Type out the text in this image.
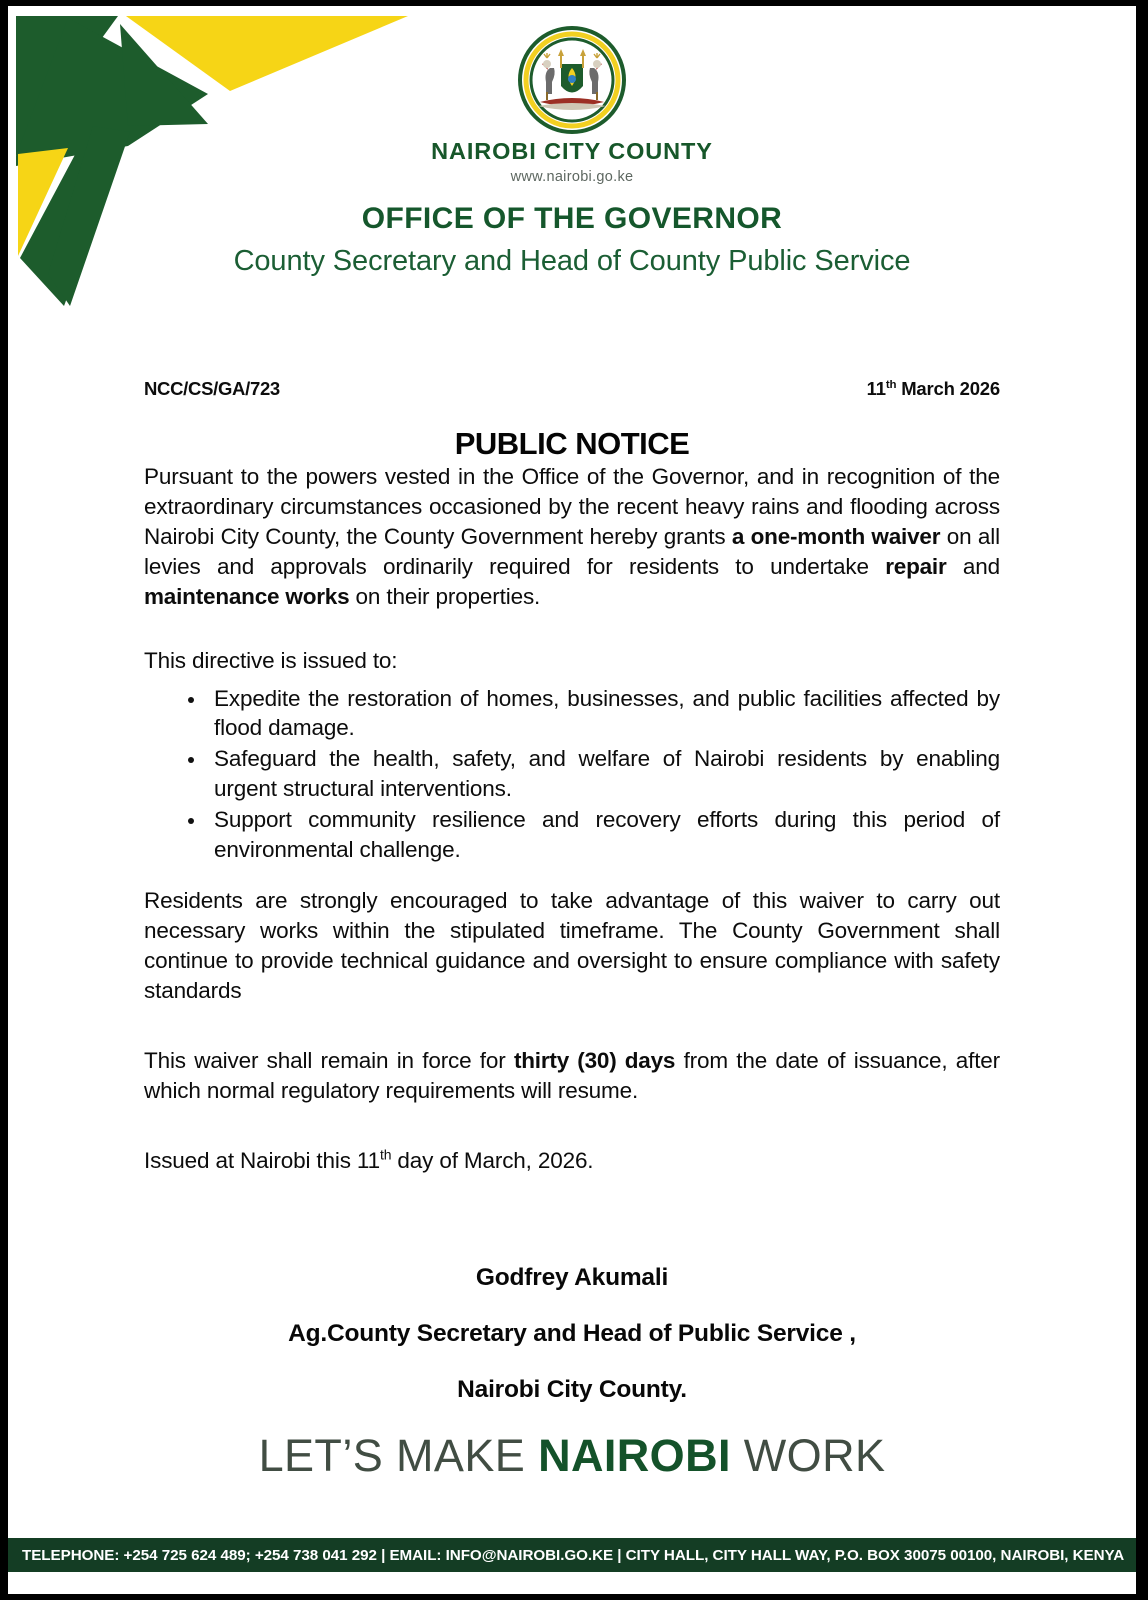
NAIROBI CITY COUNTY
www.nairobi.go.ke
OFFICE OF THE GOVERNOR
County Secretary and Head of County Public Service
NCC/CS/GA/723	11th March 2026
PUBLIC NOTICE

Pursuant to the powers vested in the Office of the Governor, and in recognition of the extraordinary circumstances occasioned by the recent heavy rains and flooding across Nairobi City County, the County Government hereby grants a one-month waiver on all levies and approvals ordinarily required for residents to undertake repair and maintenance works on their properties.

This directive is issued to:

Expedite the restoration of homes, businesses, and public facilities affected by flood damage.
Safeguard the health, safety, and welfare of Nairobi residents by enabling urgent structural interventions.
Support community resilience and recovery efforts during this period of environmental challenge.

Residents are strongly encouraged to take advantage of this waiver to carry out necessary works within the stipulated timeframe. The County Government shall continue to provide technical guidance and oversight to ensure compliance with safety standards

This waiver shall remain in force for thirty (30) days from the date of issuance, after which normal regulatory requirements will resume.

Issued at Nairobi this 11th day of March, 2026.

Godfrey Akumali
Ag.County Secretary and Head of Public Service ,
Nairobi City County.
LET’S MAKE NAIROBI WORK
TELEPHONE: +254 725 624 489; +254 738 041 292 | EMAIL: INFO@NAIROBI.GO.KE | CITY HALL, CITY HALL WAY, P.O. BOX 30075 00100, NAIROBI, KENYA
